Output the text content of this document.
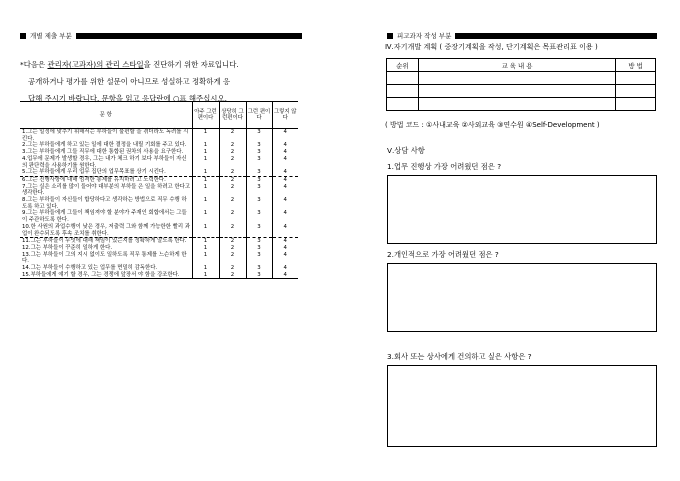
개별 제출 부분
*다음은 관리자(고과자)의 관리 스타일을 진단하기 위한 자료입니다.
공개하거나 평가를 위한 설문이 아니므로 성실하고 정확하게 응
답해 주시기 바랍니다. 문항을 읽고 응답란에 ○표 해주십시오.
문 항	아주 그런편이다	상당히 그런편이다	그런 편이다	그렇지 않다
1.그는 일정에 맞추기 위해서는 부하들이 불편할 을 겪더라도 독려를 시킨다.	1	2	3	4
2.그는 부하들에게 하고 있는 일에 대한 결정을 내릴 기회를 주고 있다.	1	2	3	4
3.그는 부하들에게 그들 직무에 대한 통합된 권차의 사용을 요구한다.	1	2	3	4
4.업무에 문제가 발생할 경우, 그는 내가 체크 하기 보다 부하들이 자신의 판단력을 사용하기를 원한다.	1	2	3	4
5.그는 부하들에게 우리 업무 집단의 업무목표를 상기 시킨다.	1	2	3	4
6.그는 진행사항에 대해 엄격한 통제를 유지하려 고 노력한다.	1	2	3	4
7.그는 실은 소리를 많이 들어야 대부분의 부하들 은 일을 하려고 한다고 생각한다.	1	2	3	4
8.그는 부하들이 자신들이 합당하다고 생각하는 방법으로 직무 수행 하도록 하고 있다.	1	2	3	4
9.그는 부하들에게 그들이 책임져야 할 분야가 주재인 회합에서는 그들이 주관하도록 한다.	1	2	3	4
10.한 사원의 과업수행이 낮은 경우, 저출력 그와 함께 가능한한 빨리 과업이 완수되도록 후속 조치를 취한다.	1	2	3	4
11.그는 부하들이 무엇에 대해 책임이 있는지를 정확하게 알도록 한다.	1	2	3	4
12.그는 부하들이 꾸준히 일하게 한다.	1	2	3	4
13.그는 부하들이 그의 지시 없이도 일하도록 직무 통제를 느슨하게 한다.	1	2	3	4
14.그는 부하들이 수행하고 있는 업무를 면밀히 감독한다.	1	2	3	4
15.부하들에게 얘기 할 경우, 그는 경쟁에 앞장서 야 함을 강조한다.	1	2	3	4
피고과자 작성 부분
Ⅳ.자기개발 계획 ( 중장기계획을 작성, 단기계획은 목표관리표 이용 )
순위	교 육 내 용	방 법

( 방법 코드 : ①사내교육 ②사외교육 ③연수원 ④Self-Development )
Ⅴ.상담 사항
1.업무 진행상 가장 어려웠던 점은 ?
2.개인적으로 가장 어려웠던 점은 ?
3.회사 또는 상사에게 건의하고 싶은 사항은 ?
